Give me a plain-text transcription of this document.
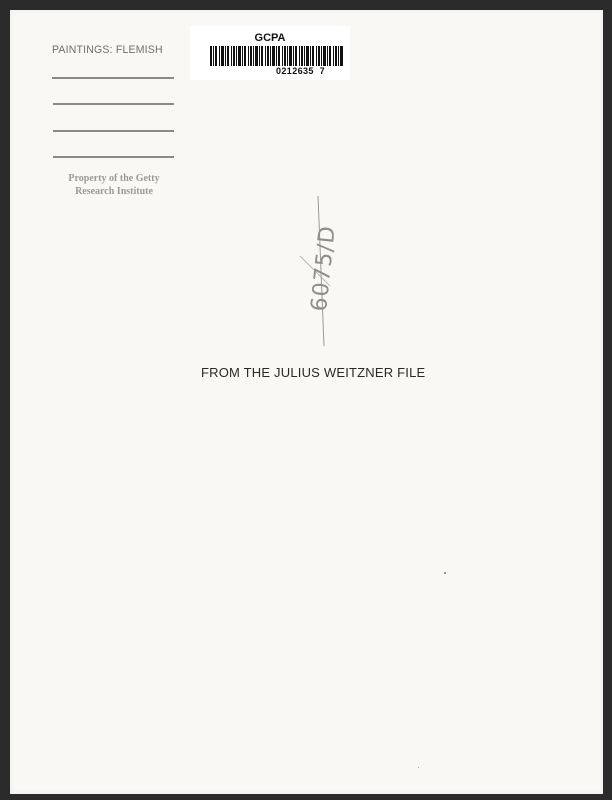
PAINTINGS: FLEMISH
Property of the Getty
Research Institute
GCPA
0212635  7
6075/D
FROM THE JULIUS WEITZNER FILE
